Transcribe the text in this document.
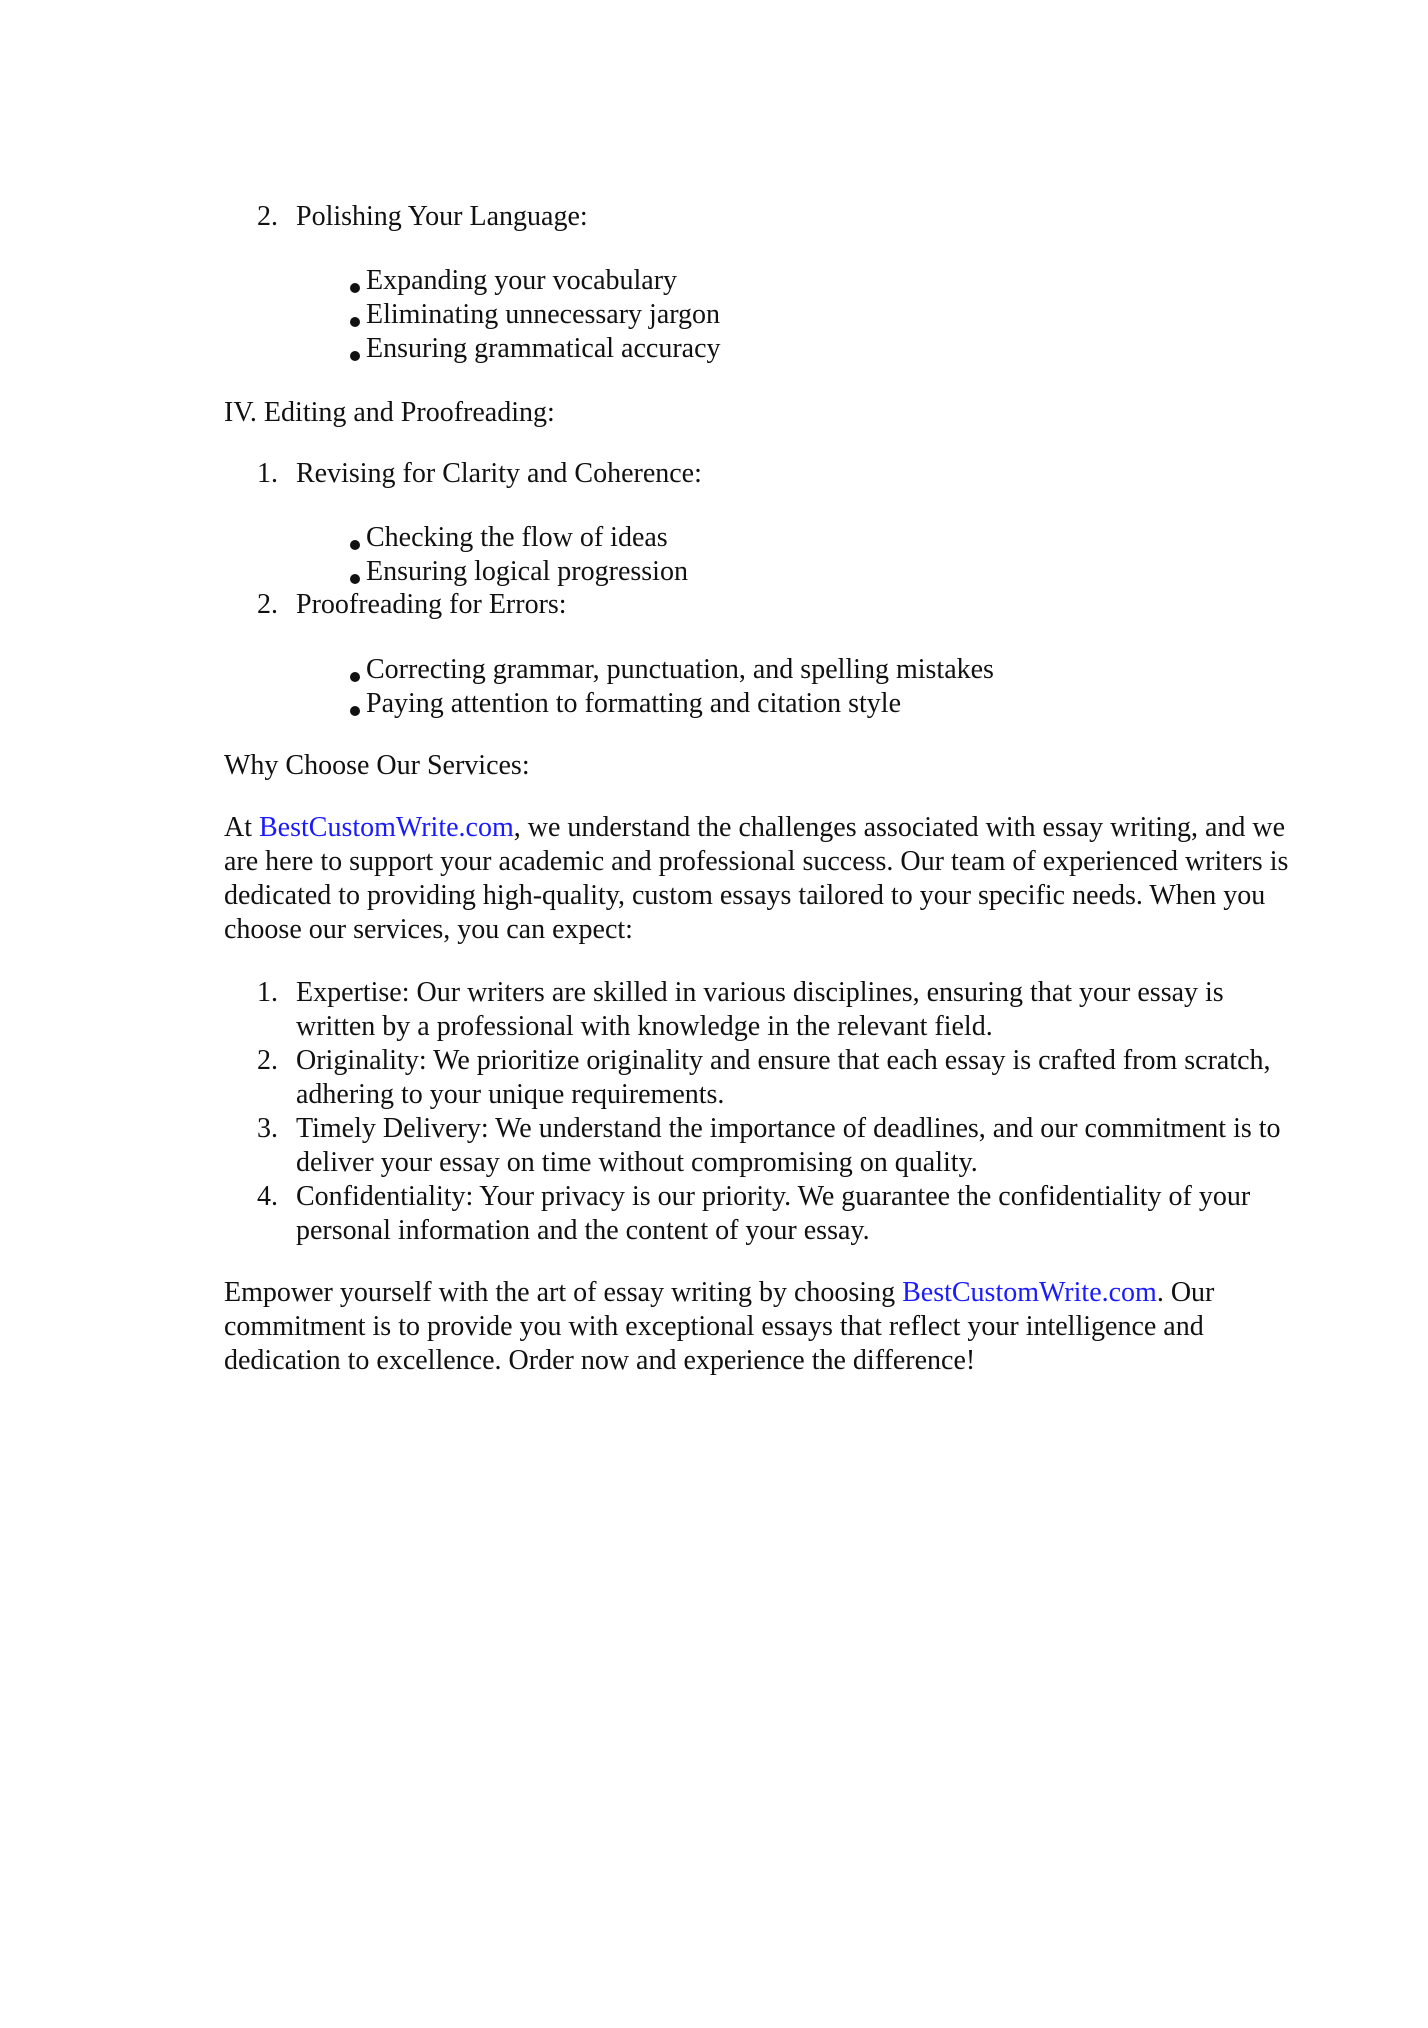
2. Polishing Your Language:
Expanding your vocabulary
Eliminating unnecessary jargon
Ensuring grammatical accuracy
IV. Editing and Proofreading:
1. Revising for Clarity and Coherence:
Checking the flow of ideas
Ensuring logical progression
2. Proofreading for Errors:
Correcting grammar, punctuation, and spelling mistakes
Paying attention to formatting and citation style
Why Choose Our Services:
At BestCustomWrite.com, we understand the challenges associated with essay writing, and we
are here to support your academic and professional success. Our team of experienced writers is
dedicated to providing high-quality, custom essays tailored to your specific needs. When you
choose our services, you can expect:
1. Expertise: Our writers are skilled in various disciplines, ensuring that your essay is
written by a professional with knowledge in the relevant field.
2. Originality: We prioritize originality and ensure that each essay is crafted from scratch,
adhering to your unique requirements.
3. Timely Delivery: We understand the importance of deadlines, and our commitment is to
deliver your essay on time without compromising on quality.
4. Confidentiality: Your privacy is our priority. We guarantee the confidentiality of your
personal information and the content of your essay.
Empower yourself with the art of essay writing by choosing BestCustomWrite.com. Our
commitment is to provide you with exceptional essays that reflect your intelligence and
dedication to excellence. Order now and experience the difference!
